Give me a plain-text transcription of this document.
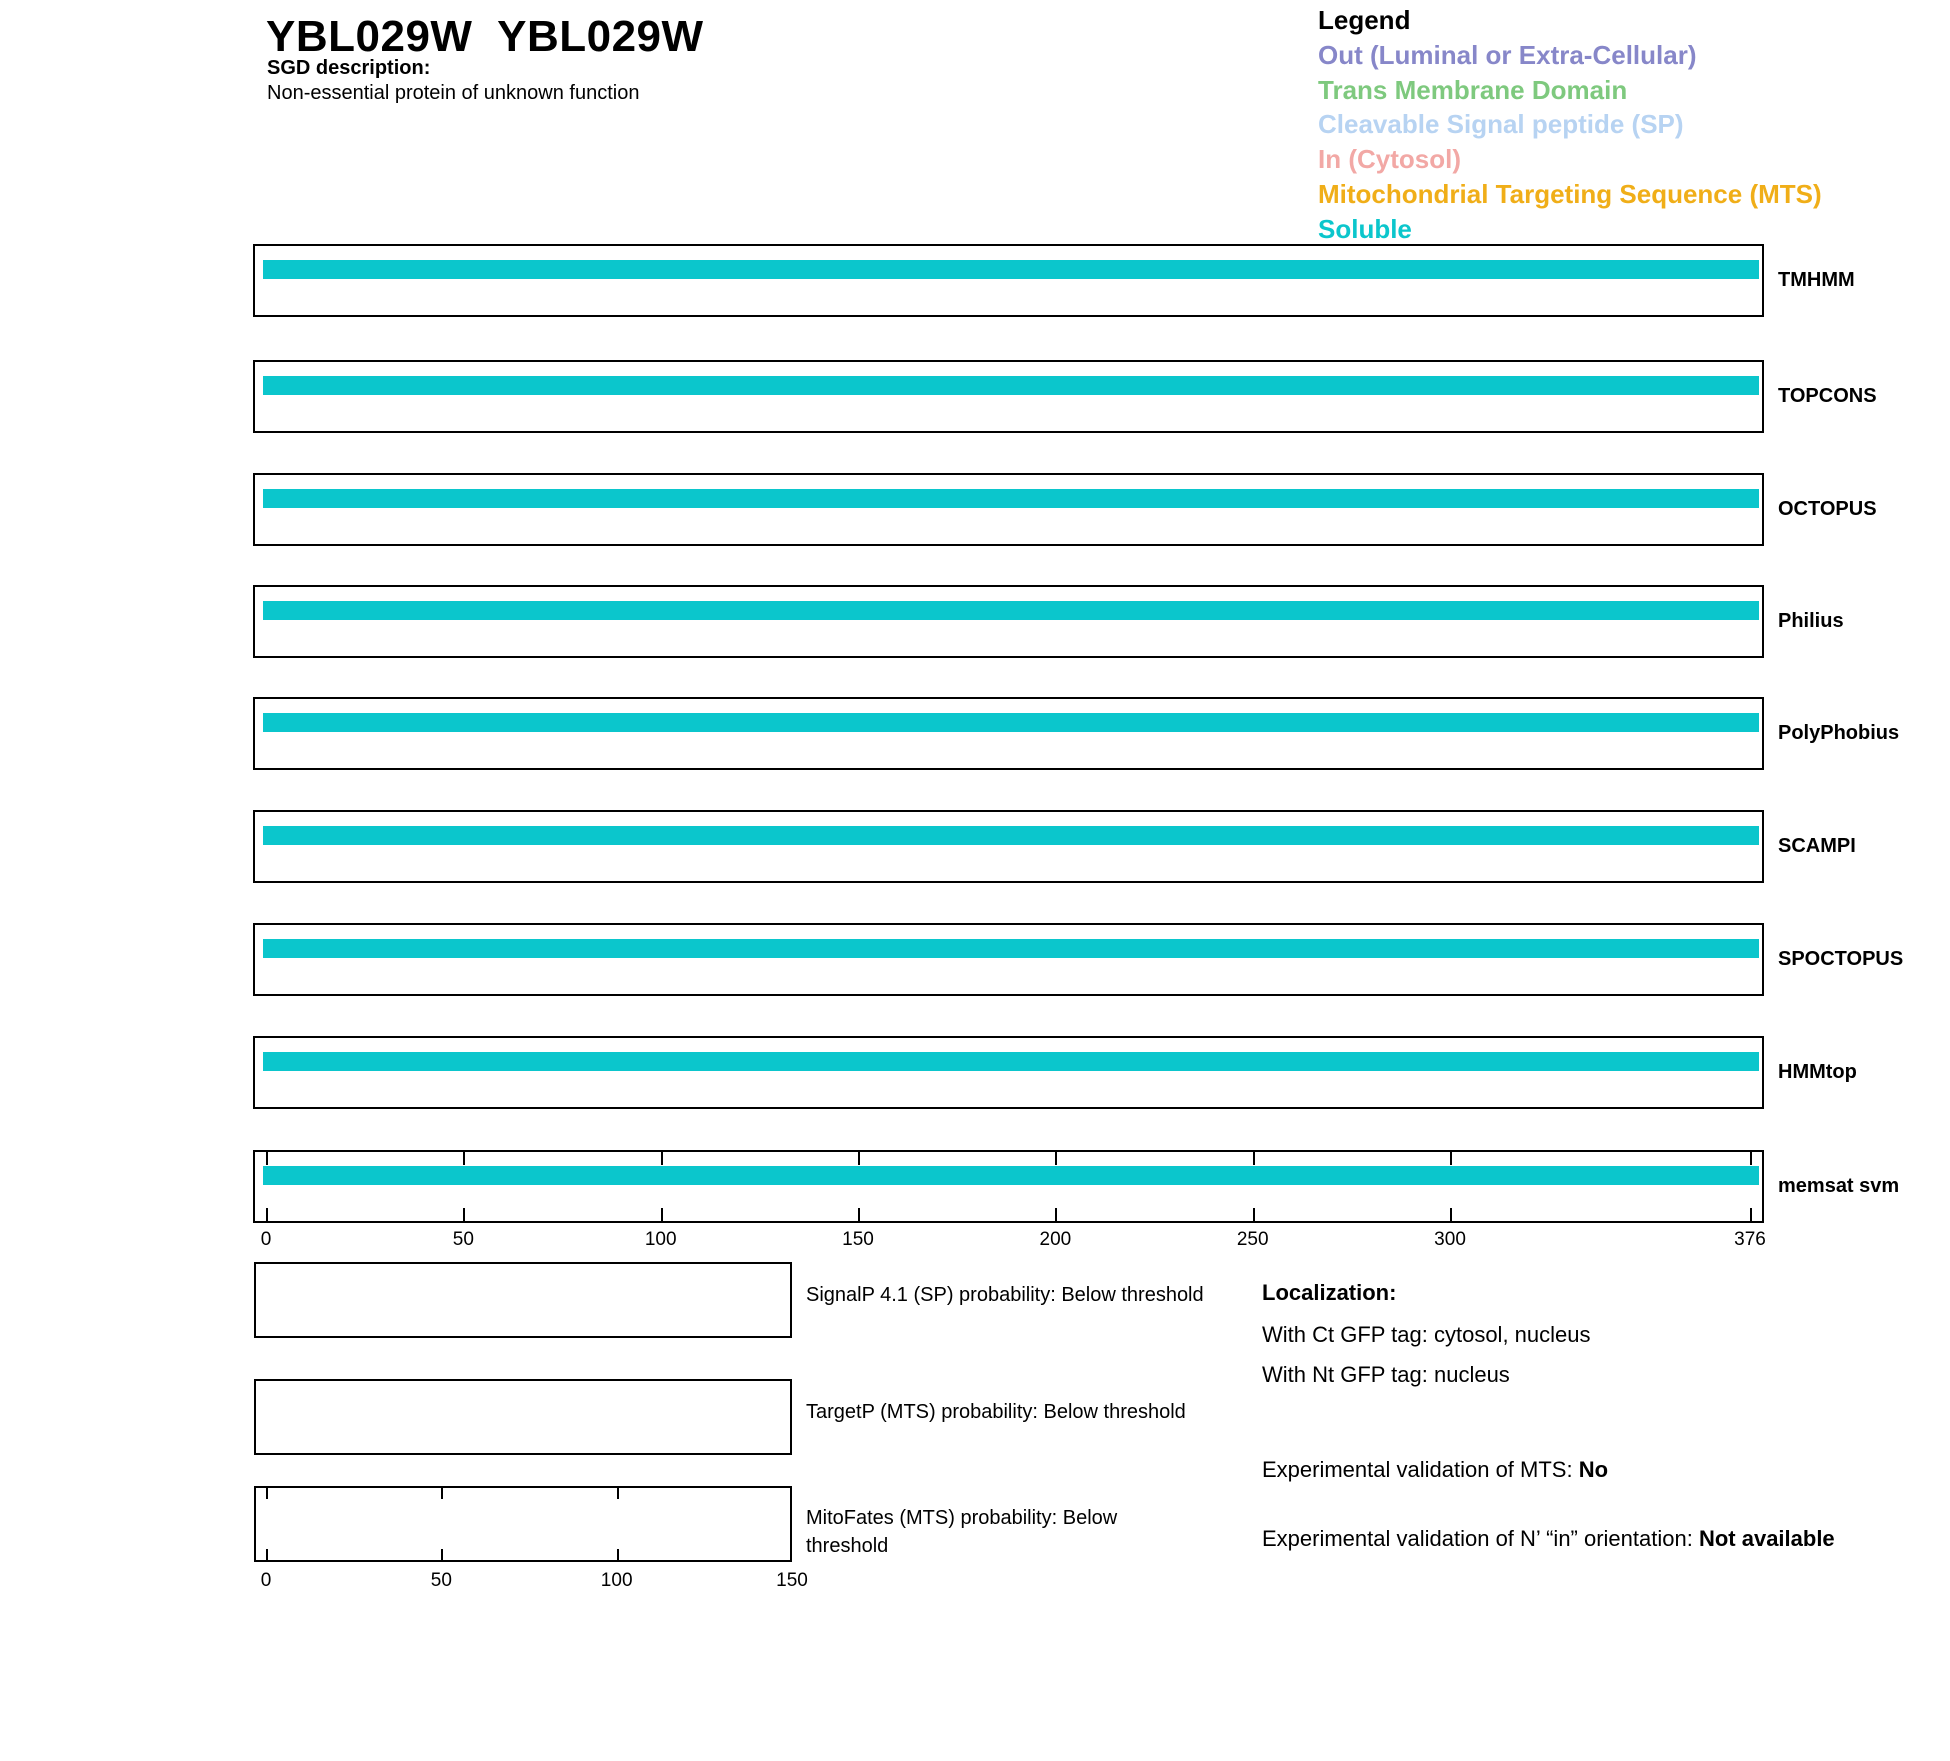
YBL029W  YBL029W
SGD description:
Non-essential protein of unknown function
Legend
Out (Luminal or Extra-Cellular)
Trans Membrane Domain
Cleavable Signal peptide (SP)
In (Cytosol)
Mitochondrial Targeting Sequence (MTS)
Soluble
TMHMM
TOPCONS
OCTOPUS
Philius
PolyPhobius
SCAMPI
SPOCTOPUS
HMMtop
memsat svm
0	50	100	150	200	250	300	376
SignalP 4.1 (SP) probability: Below threshold
TargetP (MTS) probability: Below threshold
MitoFates (MTS) probability: Below threshold
0	50	100	150
Localization:
With Ct GFP tag: cytosol, nucleus
With Nt GFP tag: nucleus
Experimental validation of MTS: No
Experimental validation of N’ “in” orientation: Not available
